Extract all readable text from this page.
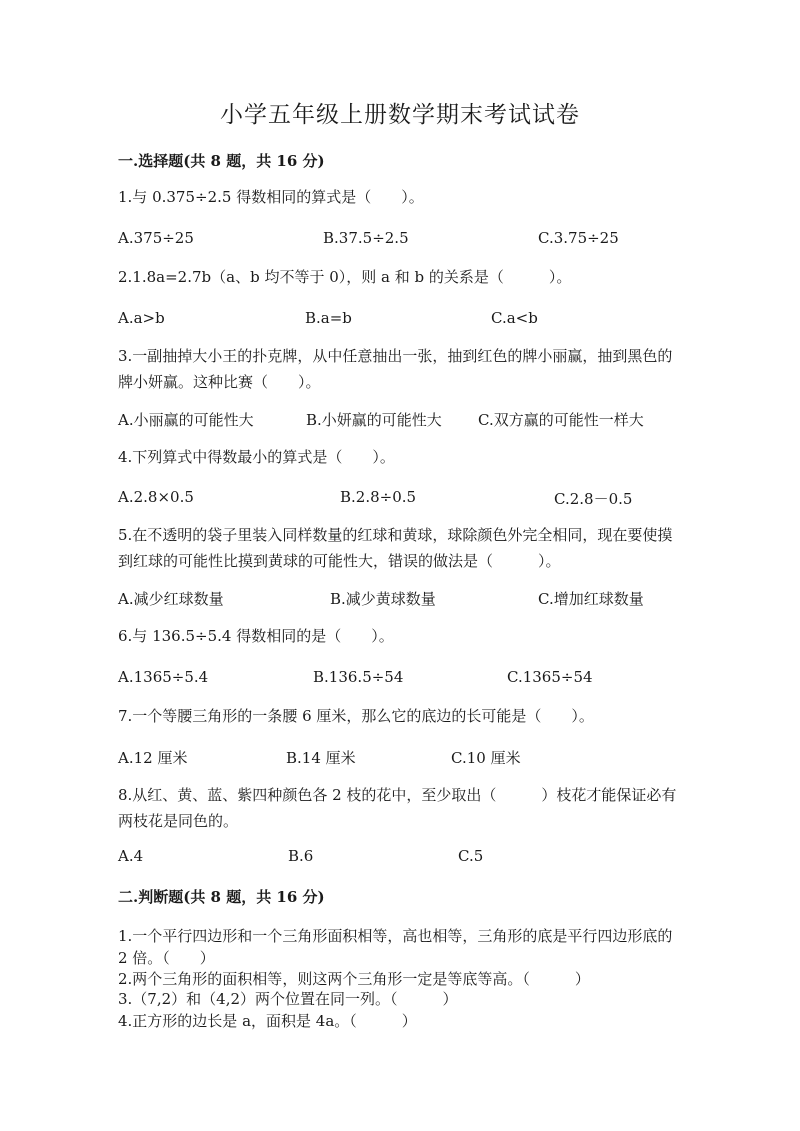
小学五年级上册数学期末考试试卷
一.选择题(共 8 题，共 16 分)
1.与 0.375÷2.5 得数相同的算式是（　　）。
A.375÷25	B.37.5÷2.5	C.3.75÷25
2.1.8a=2.7b（a、b 均不等于 0），则 a 和 b 的关系是（　　　）。
A.a>b	B.a=b	C.a<b
3.一副抽掉大小王的扑克牌，从中任意抽出一张，抽到红色的牌小丽赢，抽到黑色的牌小妍赢。这种比赛（　　）。
A.小丽赢的可能性大	B.小妍赢的可能性大 C.双方赢的可能性一样大
4.下列算式中得数最小的算式是（　　）。
A.2.8×0.5	B.2.8÷0.5	C.2.8－0.5
5.在不透明的袋子里装入同样数量的红球和黄球，球除颜色外完全相同，现在要使摸到红球的可能性比摸到黄球的可能性大，错误的做法是（　　　）。
A.减少红球数量	B.减少黄球数量	C.增加红球数量
6.与 136.5÷5.4 得数相同的是（　　）。
A.1365÷5.4	B.136.5÷54	C.1365÷54
7.一个等腰三角形的一条腰 6 厘米，那么它的底边的长可能是（　　）。
A.12 厘米	B.14 厘米	C.10 厘米
8.从红、黄、蓝、紫四种颜色各 2 枝的花中，至少取出（　　　）枝花才能保证必有两枝花是同色的。
A.4	B.6	C.5
二.判断题(共 8 题，共 16 分)
1.一个平行四边形和一个三角形面积相等，高也相等，三角形的底是平行四边形底的 2 倍。（　　）
2.两个三角形的面积相等，则这两个三角形一定是等底等高。（　　　）
3.（7,2）和（4,2）两个位置在同一列。（　　　）
4.正方形的边长是 a，面积是 4a。（　　　）
